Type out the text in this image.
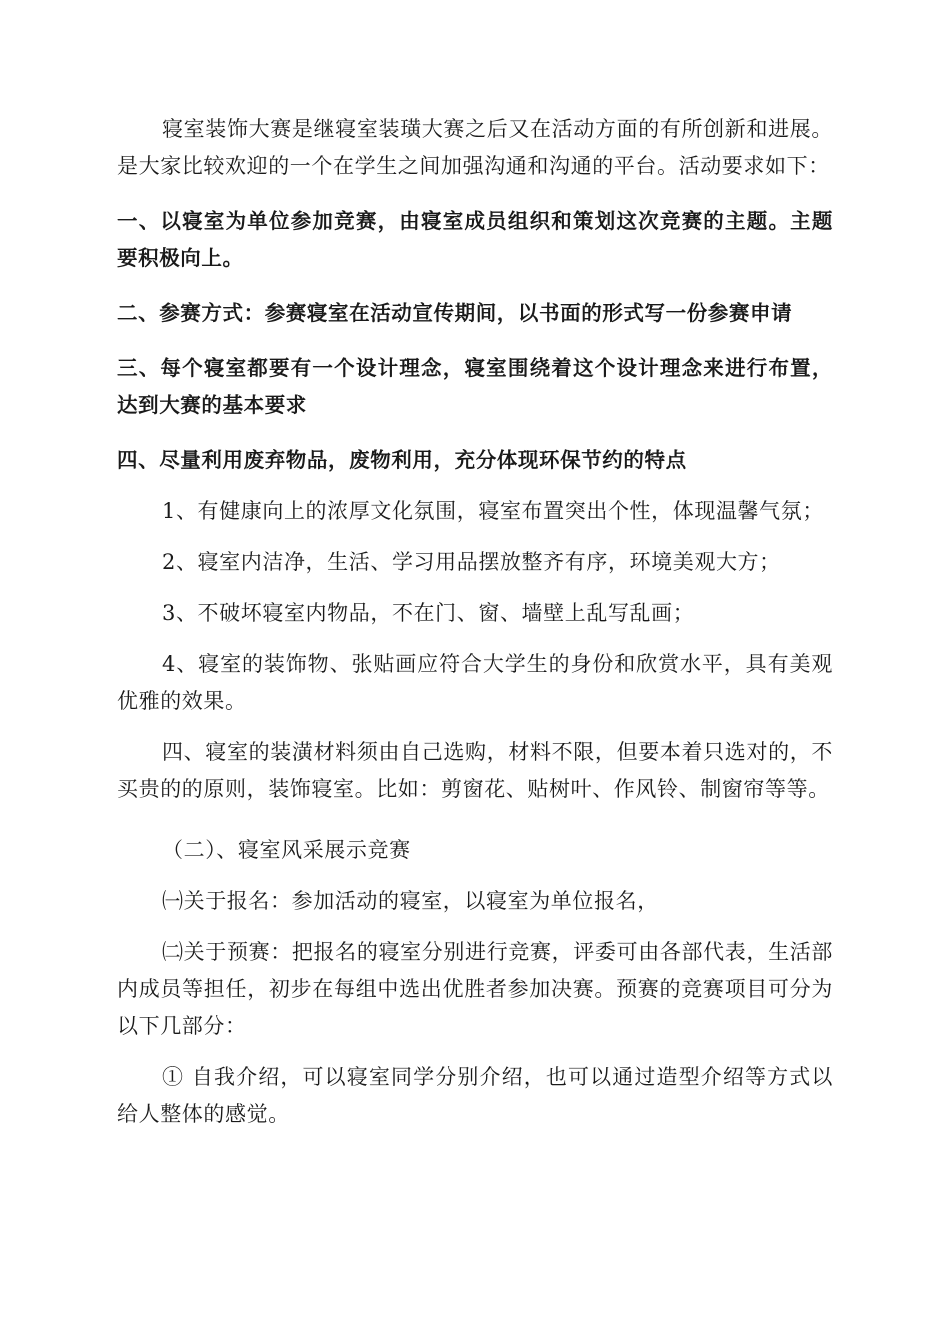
寝室装饰大赛是继寝室装璜大赛之后又在活动方面的有所创新和进展。是大家比较欢迎的一个在学生之间加强沟通和沟通的平台。活动要求如下：

一、以寝室为单位参加竞赛，由寝室成员组织和策划这次竞赛的主题。主题要积极向上。

二、参赛方式：参赛寝室在活动宣传期间，以书面的形式写一份参赛申请

三、每个寝室都要有一个设计理念，寝室围绕着这个设计理念来进行布置，达到大赛的基本要求

四、尽量利用废弃物品，废物利用，充分体现环保节约的特点

1、有健康向上的浓厚文化氛围，寝室布置突出个性，体现温馨气氛；

2、寝室内洁净，生活、学习用品摆放整齐有序，环境美观大方；

3、不破坏寝室内物品，不在门、窗、墙壁上乱写乱画；

4、寝室的装饰物、张贴画应符合大学生的身份和欣赏水平，具有美观优雅的效果。

四、寝室的装潢材料须由自己选购，材料不限，但要本着只选对的，不买贵的的原则，装饰寝室。比如：剪窗花、贴树叶、作风铃、制窗帘等等。

（二）、寝室风采展示竞赛

㈠关于报名：参加活动的寝室，以寝室为单位报名，

㈡关于预赛：把报名的寝室分别进行竞赛，评委可由各部代表，生活部内成员等担任，初步在每组中选出优胜者参加决赛。预赛的竞赛项目可分为以下几部分：

① 自我介绍，可以寝室同学分别介绍，也可以通过造型介绍等方式以给人整体的感觉。
